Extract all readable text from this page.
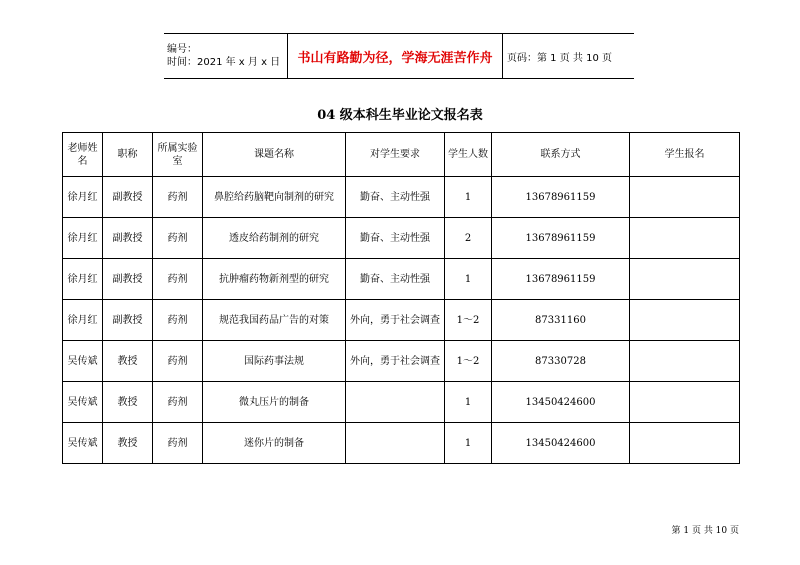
编号：
时间：2021 年 x 月 x 日	书山有路勤为径，学海无涯苦作舟	页码：第 1 页 共 10 页
04 级本科生毕业论文报名表
老师姓名	职称	所属实验室	课题名称	对学生要求	学生人数	联系方式	学生报名
徐月红	副教授	药剂	鼻腔给药脑靶向制剂的研究	勤奋、主动性强	1	13678961159	
徐月红	副教授	药剂	透皮给药制剂的研究	勤奋、主动性强	2	13678961159	
徐月红	副教授	药剂	抗肿瘤药物新剂型的研究	勤奋、主动性强	1	13678961159	
徐月红	副教授	药剂	规范我国药品广告的对策	外向，勇于社会调查	1～2	87331160	
吴传斌	教授	药剂	国际药事法规	外向，勇于社会调查	1～2	87330728	
吴传斌	教授	药剂	微丸压片的制备		1	13450424600	
吴传斌	教授	药剂	迷你片的制备		1	13450424600	
第 1 页 共 10 页
